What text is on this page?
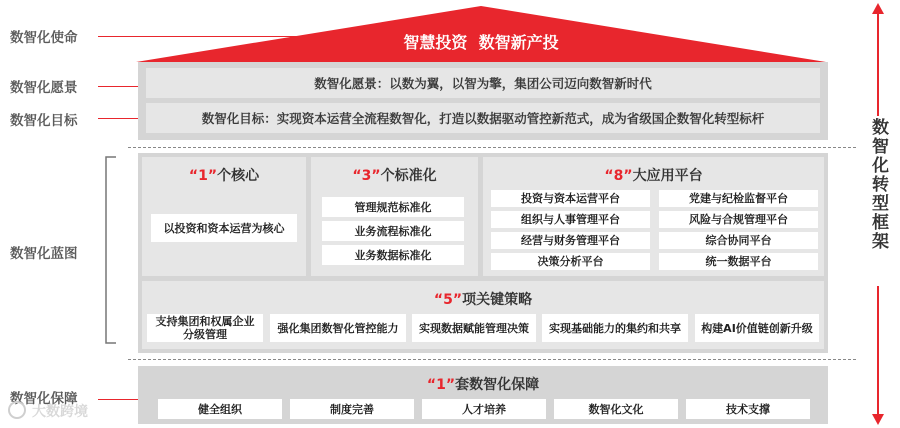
数智化使命
数智化愿景
数智化目标
数智化蓝图
数智化保障
智慧投资  数智新产投
数智化愿景：以数为翼，以智为擎，集团公司迈向数智新时代
数智化目标：实现资本运营全流程数智化，打造以数据驱动管控新范式，成为省级国企数智化转型标杆
“1”个核心
以投资和资本运营为核心
“3”个标准化
管理规范标准化
业务流程标准化
业务数据标准化
“8”大应用平台
投资与资本运营平台	党建与纪检监督平台
组织与人事管理平台	风险与合规管理平台
经营与财务管理平台	综合协同平台
决策分析平台	统一数据平台
“5”项关键策略
支持集团和权属企业
分级管理	强化集团数智化管控能力	实现数据赋能管理决策	实现基础能力的集约和共享	构建AI价值链创新升级
“1”套数智化保障
健全组织	制度完善	人才培养	数智化文化	技术支撑
数智化转型框架
大数跨境
